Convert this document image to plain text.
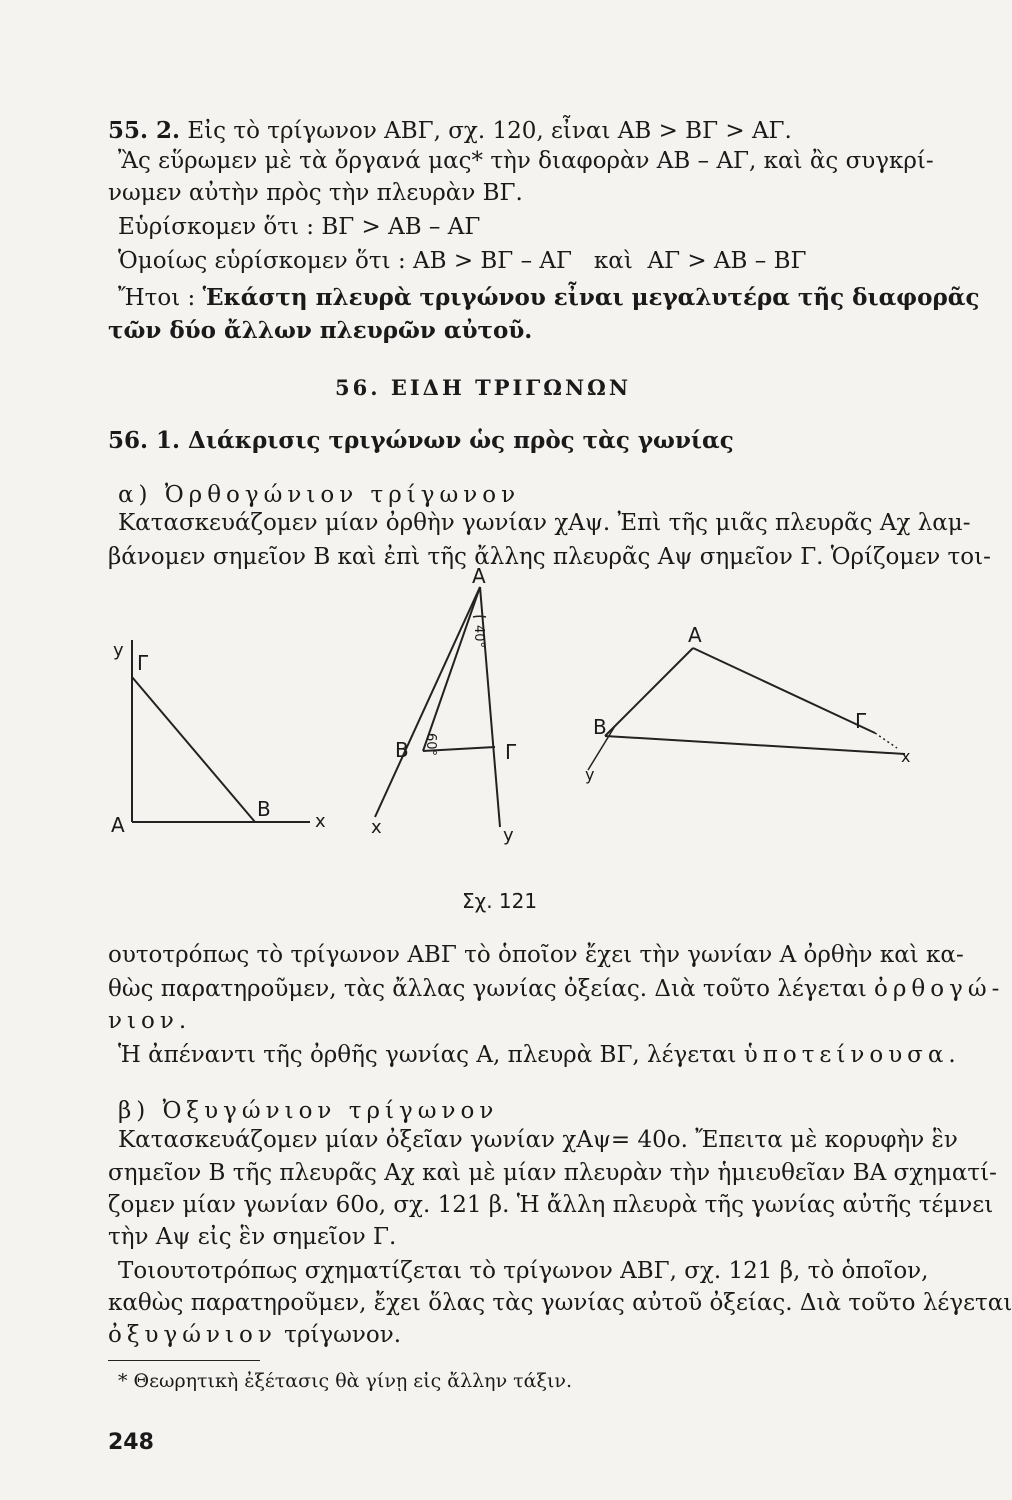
55. 2. Εἰς τὸ τρίγωνον ΑΒΓ, σχ. 120, εἶναι ΑΒ > ΒΓ > ΑΓ.
Ἂς εὕρωμεν μὲ τὰ ὄργανά μας* τὴν διαφορὰν ΑΒ – ΑΓ, καὶ ἂς συγκρί-
νωμεν αὐτὴν πρὸς τὴν πλευρὰν ΒΓ.
Εὑρίσκομεν ὅτι : ΒΓ > ΑΒ – ΑΓ
Ὁμοίως εὑρίσκομεν ὅτι : ΑΒ > ΒΓ – ΑΓ καὶ ΑΓ > ΑΒ – ΒΓ
Ἤτοι : Ἑκάστη πλευρὰ τριγώνου εἶναι μεγαλυτέρα τῆς διαφορᾶς
τῶν δύο ἄλλων πλευρῶν αὐτοῦ.
56. ΕΙΔΗ ΤΡΙΓΩΝΩΝ
56. 1. Διάκρισις τριγώνων ὡς πρὸς τὰς γωνίας
α) Ὀρθογώνιον τρίγωνον
Κατασκευάζομεν μίαν ὀρθὴν γωνίαν χΑψ. Ἐπὶ τῆς μιᾶς πλευρᾶς Αχ λαμ-
βάνομεν σημεῖον Β καὶ ἐπὶ τῆς ἄλλης πλευρᾶς Αψ σημεῖον Γ. Ὁρίζομεν τοι-
y
Γ
Α
Β
x
Α
40°
Β 60°	Γ
x	y
Α
Β	Γ
x
y
Σχ. 121
ουτοτρόπως τὸ τρίγωνον ΑΒΓ τὸ ὁποῖον ἔχει τὴν γωνίαν Α ὀρθὴν καὶ κα-
θὼς παρατηροῦμεν, τὰς ἄλλας γωνίας ὀξείας. Διὰ τοῦτο λέγεται ὀρθογώ-
νιον.
Ἡ ἀπέναντι τῆς ὀρθῆς γωνίας Α, πλευρὰ ΒΓ, λέγεται ὑποτείνουσα.
β) Ὀξυγώνιον τρίγωνον
Κατασκευάζομεν μίαν ὀξεῖαν γωνίαν χΑψ= 40ο. Ἔπειτα μὲ κορυφὴν ἓν
σημεῖον Β τῆς πλευρᾶς Αχ καὶ μὲ μίαν πλευρὰν τὴν ἡμιευθεῖαν ΒΑ σχηματί-
ζομεν μίαν γωνίαν 60ο, σχ. 121 β. Ἡ ἄλλη πλευρὰ τῆς γωνίας αὐτῆς τέμνει
τὴν Αψ εἰς ἓν σημεῖον Γ.
Τοιουτοτρόπως σχηματίζεται τὸ τρίγωνον ΑΒΓ, σχ. 121 β, τὸ ὁποῖον,
καθὼς παρατηροῦμεν, ἔχει ὅλας τὰς γωνίας αὐτοῦ ὀξείας. Διὰ τοῦτο λέγεται
ὀξυγώνιον τρίγωνον.
* Θεωρητικὴ ἐξέτασις θὰ γίνῃ εἰς ἄλλην τάξιν.
248
